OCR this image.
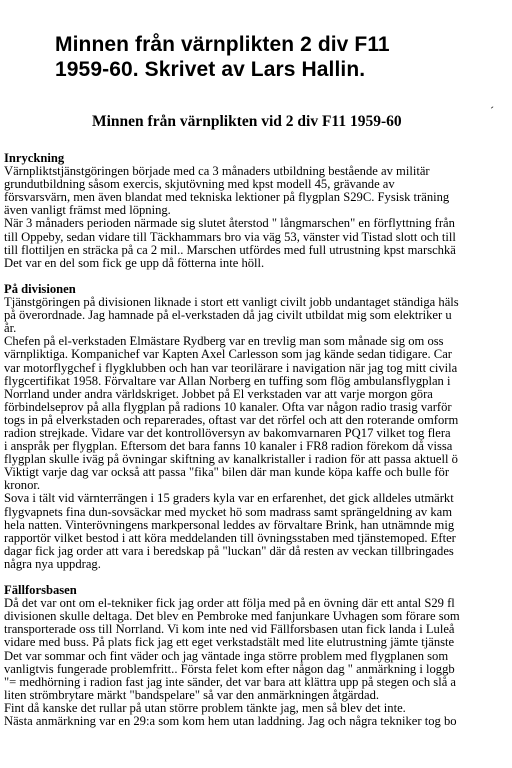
Minnen från värnplikten 2 div F11
1959-60. Skrivet av Lars Hallin.
Minnen från värnplikten vid 2 div F11 1959-60
´
Inryckning
Värnpliktstjänstgöringen började med ca 3 månaders utbildning bestående av militär
grundutbildning såsom exercis, skjutövning med kpst modell 45, grävande av
försvarsvärn, men även blandat med tekniska lektioner på flygplan S29C. Fysisk träning
även vanligt främst med löpning.
När 3 månaders perioden närmade sig slutet återstod " långmarschen" en förflyttning från
till Oppeby, sedan vidare till Täckhammars bro via väg 53, vänster vid Tistad slott och till
till flottiljen en sträcka på ca 2 mil.. Marschen utfördes med full utrustning kpst marschkä
Det var en del som fick ge upp då fötterna inte höll.
På divisionen
Tjänstgöringen på divisionen liknade i stort ett vanligt civilt jobb undantaget ständiga häls
på överordnade. Jag hamnade på el-verkstaden då jag civilt utbildat mig som elektriker u
år.
Chefen på el-verkstaden Elmästare Rydberg var en trevlig man som månade sig om oss
värnpliktiga. Kompanichef var Kapten Axel Carlesson som jag kände sedan tidigare. Car
var motorflygchef i flygklubben och han var teorilärare i navigation när jag tog mitt civila
flygcertifikat 1958. Förvaltare var Allan Norberg en tuffing som flög ambulansflygplan i
Norrland under andra världskriget. Jobbet på El verkstaden var att varje morgon göra
förbindelseprov på alla flygplan på radions 10 kanaler. Ofta var någon radio trasig varför
togs in på elverkstaden och reparerades, oftast var det rörfel och att den roterande omform
radion strejkade. Vidare var det kontrollöversyn av bakomvarnaren PQ17 vilket tog flera
i anspråk per flygplan. Eftersom det bara fanns 10 kanaler i FR8 radion förekom då vissa
flygplan skulle iväg på övningar skiftning av kanalkristaller i radion för att passa aktuell ö
Viktigt varje dag var också att passa "fika" bilen där man kunde köpa kaffe och bulle för
kronor.
Sova i tält vid värnterrängen i 15 graders kyla var en erfarenhet, det gick alldeles utmärkt
flygvapnets fina dun-sovsäckar med mycket hö som madrass samt sprängeldning av kam
hela natten. Vinterövningens markpersonal leddes av förvaltare Brink, han utnämnde mig
rapportör vilket bestod i att köra meddelanden till övningsstaben med tjänstemoped. Efter
dagar fick jag order att vara i beredskap på "luckan" där då resten av veckan tillbringades
några nya uppdrag.
Fällforsbasen
Då det var ont om el-tekniker fick jag order att följa med på en övning där ett antal S29 fl
divisionen skulle deltaga. Det blev en Pembroke med fanjunkare Uvhagen som förare som
transporterade oss till Norrland. Vi kom inte ned vid Fällforsbasen utan fick landa i Luleå
vidare med buss. På plats fick jag ett eget verkstadstält med lite elutrustning jämte tjänste
Det var sommar och fint väder och jag väntade inga större problem med flygplanen som
vanligtvis fungerade problemfritt.. Första felet kom efter någon dag " anmärkning i loggb
"= medhörning i radion fast jag inte sänder, det var bara att klättra upp på stegen och slå a
liten strömbrytare märkt "bandspelare" så var den anmärkningen åtgärdad.
Fint då kanske det rullar på utan större problem tänkte jag, men så blev det inte.
Nästa anmärkning var en 29:a som kom hem utan laddning. Jag och några tekniker tog bo
